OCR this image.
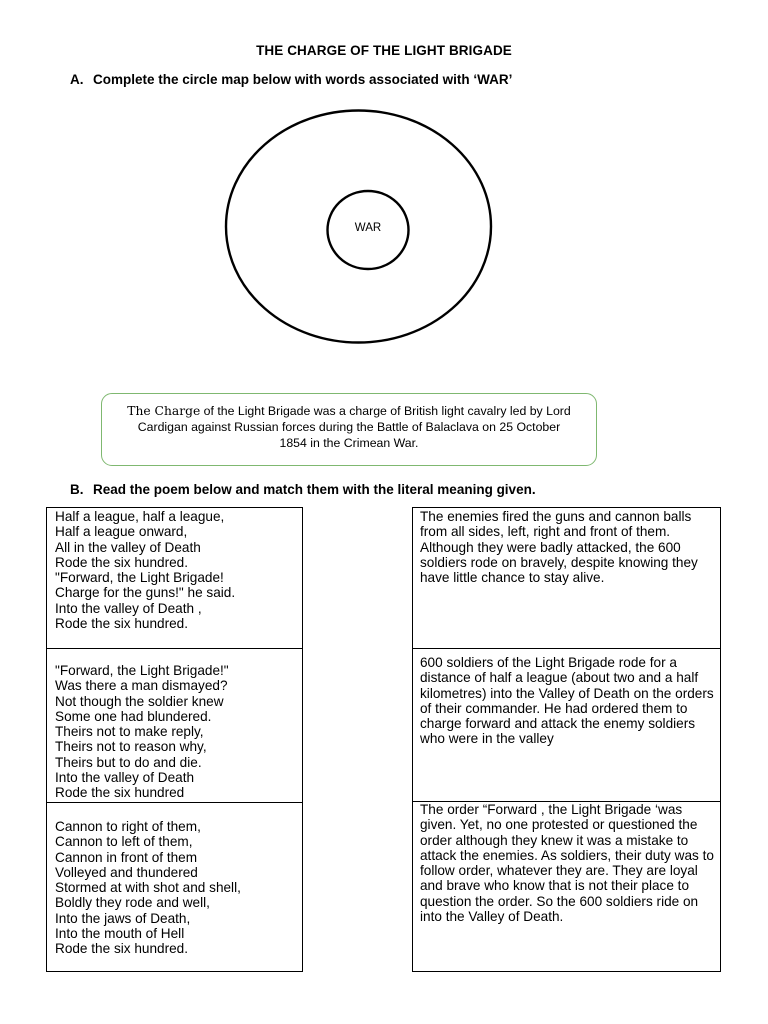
THE CHARGE OF THE LIGHT BRIGADE
A. Complete the circle map below with words associated with ‘WAR’
WAR
The Charge of the Light Brigade was a charge of British light cavalry led by Lord Cardigan against Russian forces during the Battle of Balaclava on 25 October 1854 in the Crimean War.
B. Read the poem below and match them with the literal meaning given.
Half a league, half a league,
Half a league onward,
All in the valley of Death
Rode the six hundred.
"Forward, the Light Brigade!
Charge for the guns!" he said.
Into the valley of Death ,
Rode the six hundred.
"Forward, the Light Brigade!"
Was there a man dismayed?
Not though the soldier knew
Some one had blundered.
Theirs not to make reply,
Theirs not to reason why,
Theirs but to do and die.
Into the valley of Death
Rode the six hundred
Cannon to right of them,
Cannon to left of them,
Cannon in front of them
Volleyed and thundered
Stormed at with shot and shell,
Boldly they rode and well,
Into the jaws of Death,
Into the mouth of Hell
Rode the six hundred.
The enemies fired the guns and cannon balls from all sides, left, right and front of them. Although they were badly attacked, the 600 soldiers rode on bravely, despite knowing they have little chance to stay alive.
600 soldiers of the Light Brigade rode for a distance of half a league (about two and a half kilometres) into the Valley of Death on the orders of their commander. He had ordered them to charge forward and attack the enemy soldiers who were in the valley
The order “Forward , the Light Brigade ‘was given. Yet, no one protested or questioned the order although they knew it was a mistake to attack the enemies. As soldiers, their duty was to follow order, whatever they are. They are loyal and brave who know that is not their place to question the order. So the 600 soldiers ride on into the Valley of Death.
